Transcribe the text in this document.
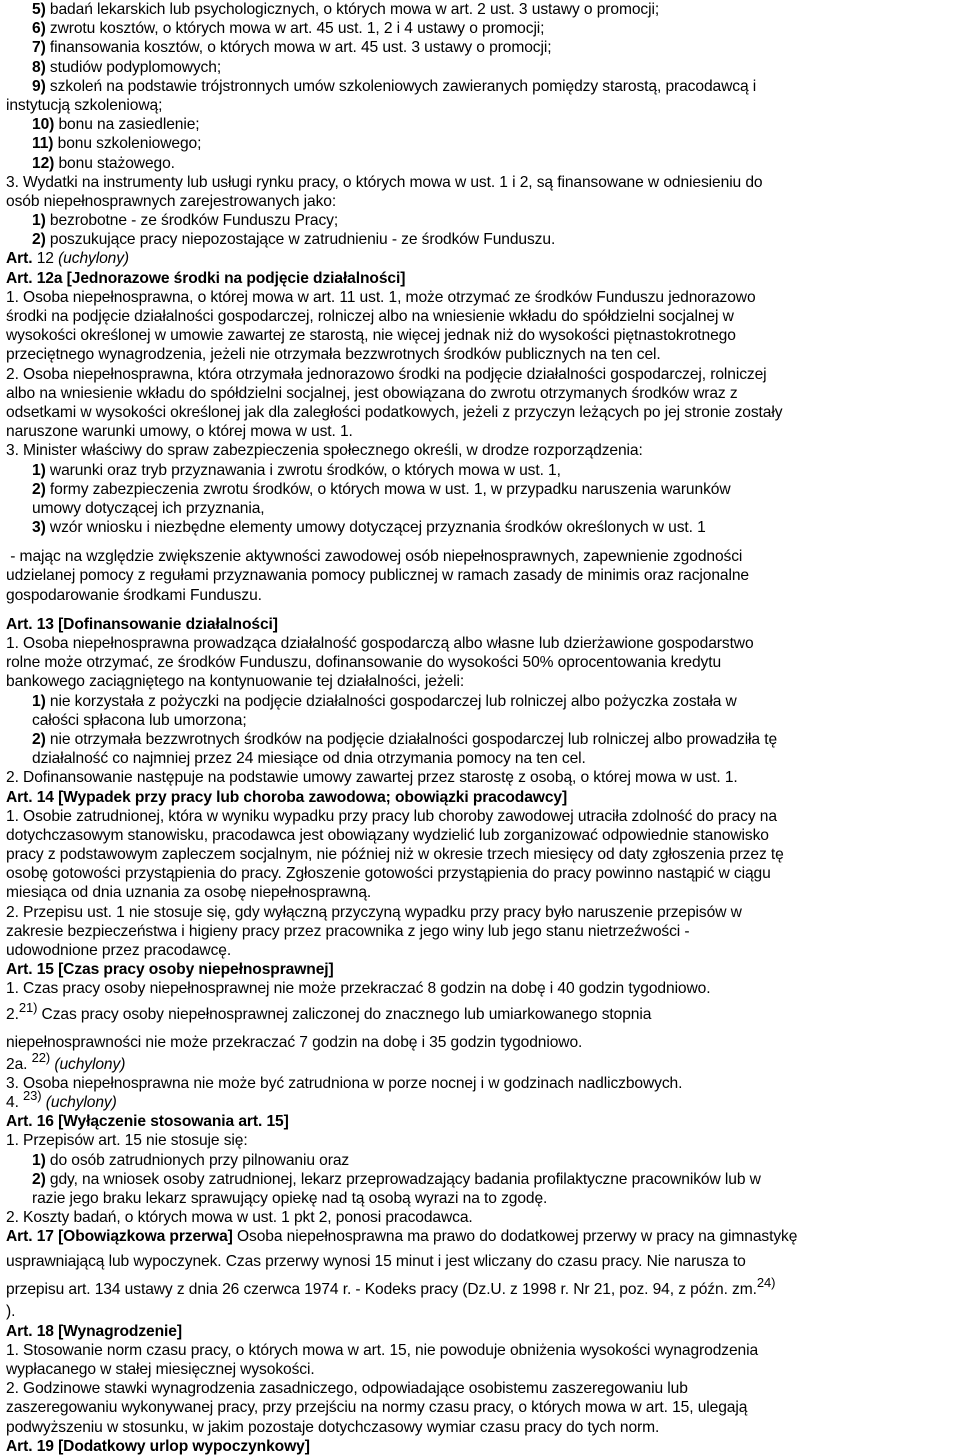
5) badań lekarskich lub psychologicznych, o których mowa w art. 2 ust. 3 ustawy o promocji;
6) zwrotu kosztów, o których mowa w art. 45 ust. 1, 2 i 4 ustawy o promocji;
7) finansowania kosztów, o których mowa w art. 45 ust. 3 ustawy o promocji;
8) studiów podyplomowych;
9) szkoleń na podstawie trójstronnych umów szkoleniowych zawieranych pomiędzy starostą, pracodawcą i
instytucją szkoleniową;
10) bonu na zasiedlenie;
11) bonu szkoleniowego;
12) bonu stażowego.
3. Wydatki na instrumenty lub usługi rynku pracy, o których mowa w ust. 1 i 2, są finansowane w odniesieniu do
osób niepełnosprawnych zarejestrowanych jako:
1) bezrobotne - ze środków Funduszu Pracy;
2) poszukujące pracy niepozostające w zatrudnieniu - ze środków Funduszu.
Art. 12 (uchylony)
Art. 12a [Jednorazowe środki na podjęcie działalności]
1. Osoba niepełnosprawna, o której mowa w art. 11 ust. 1, może otrzymać ze środków Funduszu jednorazowo
środki na podjęcie działalności gospodarczej, rolniczej albo na wniesienie wkładu do spółdzielni socjalnej w
wysokości określonej w umowie zawartej ze starostą, nie więcej jednak niż do wysokości piętnastokrotnego
przeciętnego wynagrodzenia, jeżeli nie otrzymała bezzwrotnych środków publicznych na ten cel.
2. Osoba niepełnosprawna, która otrzymała jednorazowo środki na podjęcie działalności gospodarczej, rolniczej
albo na wniesienie wkładu do spółdzielni socjalnej, jest obowiązana do zwrotu otrzymanych środków wraz z
odsetkami w wysokości określonej jak dla zaległości podatkowych, jeżeli z przyczyn leżących po jej stronie zostały
naruszone warunki umowy, o której mowa w ust. 1.
3. Minister właściwy do spraw zabezpieczenia społecznego określi, w drodze rozporządzenia:
1) warunki oraz tryb przyznawania i zwrotu środków, o których mowa w ust. 1,
2) formy zabezpieczenia zwrotu środków, o których mowa w ust. 1, w przypadku naruszenia warunków
umowy dotyczącej ich przyznania,
3) wzór wniosku i niezbędne elementy umowy dotyczącej przyznania środków określonych w ust. 1
- mając na względzie zwiększenie aktywności zawodowej osób niepełnosprawnych, zapewnienie zgodności
udzielanej pomocy z regułami przyznawania pomocy publicznej w ramach zasady de minimis oraz racjonalne
gospodarowanie środkami Funduszu.
Art. 13 [Dofinansowanie działalności]
1. Osoba niepełnosprawna prowadząca działalność gospodarczą albo własne lub dzierżawione gospodarstwo
rolne może otrzymać, ze środków Funduszu, dofinansowanie do wysokości 50% oprocentowania kredytu
bankowego zaciągniętego na kontynuowanie tej działalności, jeżeli:
1) nie korzystała z pożyczki na podjęcie działalności gospodarczej lub rolniczej albo pożyczka została w
całości spłacona lub umorzona;
2) nie otrzymała bezzwrotnych środków na podjęcie działalności gospodarczej lub rolniczej albo prowadziła tę
działalność co najmniej przez 24 miesiące od dnia otrzymania pomocy na ten cel.
2. Dofinansowanie następuje na podstawie umowy zawartej przez starostę z osobą, o której mowa w ust. 1.
Art. 14 [Wypadek przy pracy lub choroba zawodowa; obowiązki pracodawcy]
1. Osobie zatrudnionej, która w wyniku wypadku przy pracy lub choroby zawodowej utraciła zdolność do pracy na
dotychczasowym stanowisku, pracodawca jest obowiązany wydzielić lub zorganizować odpowiednie stanowisko
pracy z podstawowym zapleczem socjalnym, nie później niż w okresie trzech miesięcy od daty zgłoszenia przez tę
osobę gotowości przystąpienia do pracy. Zgłoszenie gotowości przystąpienia do pracy powinno nastąpić w ciągu
miesiąca od dnia uznania za osobę niepełnosprawną.
2. Przepisu ust. 1 nie stosuje się, gdy wyłączną przyczyną wypadku przy pracy było naruszenie przepisów w
zakresie bezpieczeństwa i higieny pracy przez pracownika z jego winy lub jego stanu nietrzeźwości -
udowodnione przez pracodawcę.
Art. 15 [Czas pracy osoby niepełnosprawnej]
1. Czas pracy osoby niepełnosprawnej nie może przekraczać 8 godzin na dobę i 40 godzin tygodniowo.
2.$^{21)}$ Czas pracy osoby niepełnosprawnej zaliczonej do znacznego lub umiarkowanego stopnia
niepełnosprawności nie może przekraczać 7 godzin na dobę i 35 godzin tygodniowo.
2a. $^{22)}$ (uchylony)
3. Osoba niepełnosprawna nie może być zatrudniona w porze nocnej i w godzinach nadliczbowych.
4. $^{23)}$ (uchylony)
Art. 16 [Wyłączenie stosowania art. 15]
1. Przepisów art. 15 nie stosuje się:
1) do osób zatrudnionych przy pilnowaniu oraz
2) gdy, na wniosek osoby zatrudnionej, lekarz przeprowadzający badania profilaktyczne pracowników lub w
razie jego braku lekarz sprawujący opiekę nad tą osobą wyrazi na to zgodę.
2. Koszty badań, o których mowa w ust. 1 pkt 2, ponosi pracodawca.
Art. 17 [Obowiązkowa przerwa] Osoba niepełnosprawna ma prawo do dodatkowej przerwy w pracy na gimnastykę
usprawniającą lub wypoczynek. Czas przerwy wynosi 15 minut i jest wliczany do czasu pracy. Nie narusza to
przepisu art. 134 ustawy z dnia 26 czerwca 1974 r. - Kodeks pracy (Dz.U. z 1998 r. Nr 21, poz. 94, z późn. zm.$^{24)}$
).
Art. 18 [Wynagrodzenie]
1. Stosowanie norm czasu pracy, o których mowa w art. 15, nie powoduje obniżenia wysokości wynagrodzenia
wypłacanego w stałej miesięcznej wysokości.
2. Godzinowe stawki wynagrodzenia zasadniczego, odpowiadające osobistemu zaszeregowaniu lub
zaszeregowaniu wykonywanej pracy, przy przejściu na normy czasu pracy, o których mowa w art. 15, ulegają
podwyższeniu w stosunku, w jakim pozostaje dotychczasowy wymiar czasu pracy do tych norm.
Art. 19 [Dodatkowy urlop wypoczynkowy]
